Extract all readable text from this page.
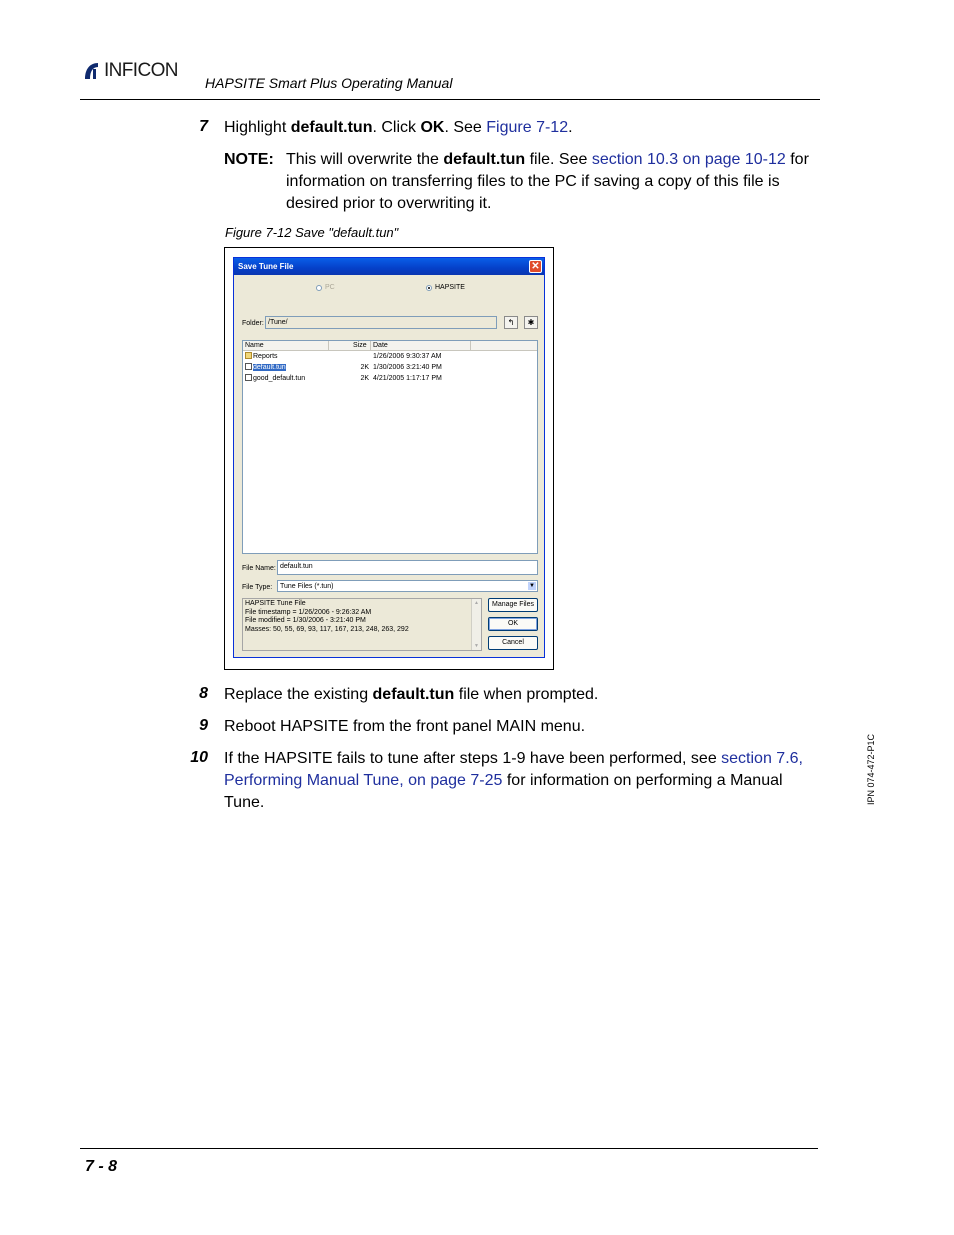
INFICON
HAPSITE Smart Plus Operating Manual
7 Highlight default.tun. Click OK. See Figure 7-12.
NOTE: This will overwrite the default.tun file. See section 10.3 on page 10-12 for information on transferring files to the PC if saving a copy of this file is desired prior to overwriting it.
Figure 7-12 Save "default.tun"
Save Tune File	✕
PC	HAPSITE
Folder: /Tune/	↰	✱
Name	Size Date
Reports	1/26/2006 9:30:37 AM
default.tun	2K 1/30/2006 3:21:40 PM
good_default.tun	2K 4/21/2005 1:17:17 PM
File Name: default.tun
File Type:	Tune Files (*.tun)	▼
HAPSITE Tune File
File timestamp = 1/26/2006 - 9:26:32 AM
File modified = 1/30/2006 - 3:21:40 PM
Masses: 50, 55, 69, 93, 117, 167, 213, 248, 263, 292
▲
▼
Manage Files
OK
Cancel
8 Replace the existing default.tun file when prompted.
9 Reboot HAPSITE from the front panel MAIN menu.
10 If the HAPSITE fails to tune after steps 1-9 have been performed, see section 7.6, Performing Manual Tune, on page 7-25 for information on performing a Manual Tune.	IPN 074-472-P1C
7 - 8
